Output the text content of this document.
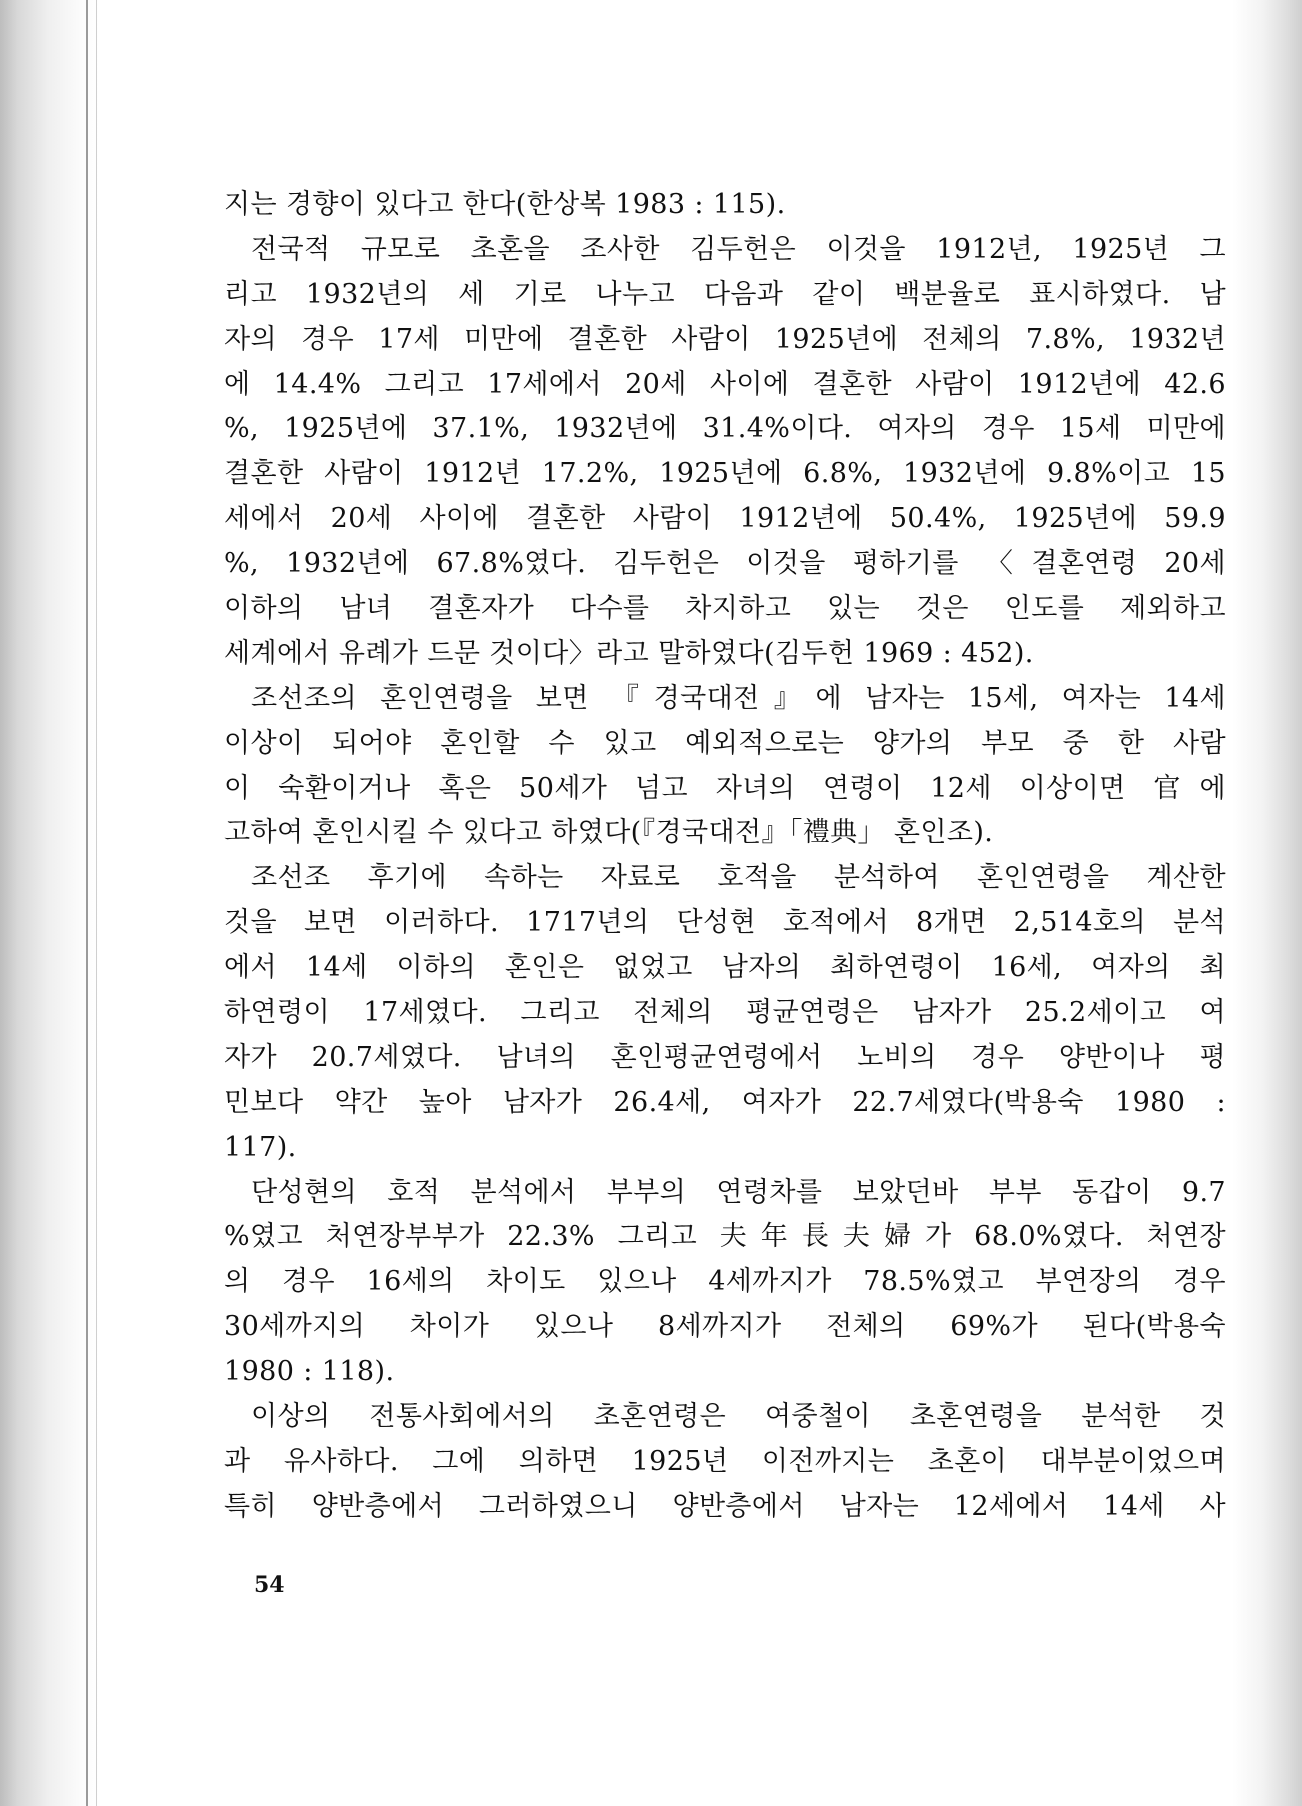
지는 경향이 있다고 한다(한상복 1983 : 115).
전국적 규모로 초혼을 조사한 김두헌은 이것을 1912년, 1925년 그
리고 1932년의 세 기로 나누고 다음과 같이 백분율로 표시하였다. 남
자의 경우 17세 미만에 결혼한 사람이 1925년에 전체의 7.8%, 1932년
에 14.4% 그리고 17세에서 20세 사이에 결혼한 사람이 1912년에 42.6
%, 1925년에 37.1%, 1932년에 31.4%이다. 여자의 경우 15세 미만에
결혼한 사람이 1912년 17.2%, 1925년에 6.8%, 1932년에 9.8%이고 15
세에서 20세 사이에 결혼한 사람이 1912년에 50.4%, 1925년에 59.9
%, 1932년에 67.8%였다. 김두헌은 이것을 평하기를 〈결혼연령 20세
이하의 남녀 결혼자가 다수를 차지하고 있는 것은 인도를 제외하고
세계에서 유례가 드문 것이다〉라고 말하였다(김두헌 1969 : 452).
조선조의 혼인연령을 보면 『경국대전』에 남자는 15세, 여자는 14세
이상이 되어야 혼인할 수 있고 예외적으로는 양가의 부모 중 한 사람
이 숙환이거나 혹은 50세가 넘고 자녀의 연령이 12세 이상이면 官에
고하여 혼인시킬 수 있다고 하였다(『경국대전』「禮典」 혼인조).
조선조 후기에 속하는 자료로 호적을 분석하여 혼인연령을 계산한
것을 보면 이러하다. 1717년의 단성현 호적에서 8개면 2,514호의 분석
에서 14세 이하의 혼인은 없었고 남자의 최하연령이 16세, 여자의 최
하연령이 17세였다. 그리고 전체의 평균연령은 남자가 25.2세이고 여
자가 20.7세였다. 남녀의 혼인평균연령에서 노비의 경우 양반이나 평
민보다 약간 높아 남자가 26.4세, 여자가 22.7세였다(박용숙 1980 :
117).
단성현의 호적 분석에서 부부의 연령차를 보았던바 부부 동갑이 9.7
%였고 처연장부부가 22.3% 그리고 夫年長夫婦가 68.0%였다. 처연장
의 경우 16세의 차이도 있으나 4세까지가 78.5%였고 부연장의 경우
30세까지의 차이가 있으나 8세까지가 전체의 69%가 된다(박용숙
1980 : 118).
이상의 전통사회에서의 초혼연령은 여중철이 초혼연령을 분석한 것
과 유사하다. 그에 의하면 1925년 이전까지는 초혼이 대부분이었으며
특히 양반층에서 그러하였으니 양반층에서 남자는 12세에서 14세 사
54
